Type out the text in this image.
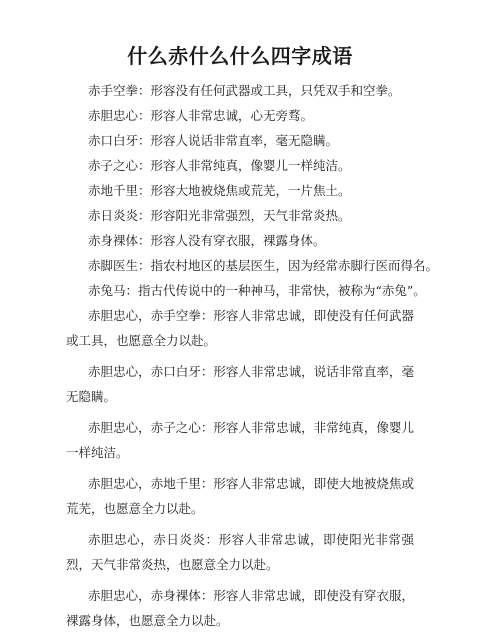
什么赤什么什么四字成语
赤手空拳：形容没有任何武器或工具，只凭双手和空拳。
赤胆忠心：形容人非常忠诚，心无旁骛。
赤口白牙：形容人说话非常直率，毫无隐瞒。
赤子之心：形容人非常纯真，像婴儿一样纯洁。
赤地千里：形容大地被烧焦或荒芜，一片焦土。
赤日炎炎：形容阳光非常强烈，天气非常炎热。
赤身裸体：形容人没有穿衣服，裸露身体。
赤脚医生：指农村地区的基层医生，因为经常赤脚行医而得名。
赤兔马：指古代传说中的一种神马，非常快，被称为“赤兔”。

赤胆忠心，赤手空拳：形容人非常忠诚，即使没有任何武器或工具，也愿意全力以赴。

赤胆忠心，赤口白牙：形容人非常忠诚，说话非常直率，毫无隐瞒。

赤胆忠心，赤子之心：形容人非常忠诚，非常纯真，像婴儿一样纯洁。

赤胆忠心，赤地千里：形容人非常忠诚，即使大地被烧焦或荒芜，也愿意全力以赴。

赤胆忠心，赤日炎炎：形容人非常忠诚，即使阳光非常强烈，天气非常炎热，也愿意全力以赴。

赤胆忠心，赤身裸体：形容人非常忠诚，即使没有穿衣服，裸露身体，也愿意全力以赴。
